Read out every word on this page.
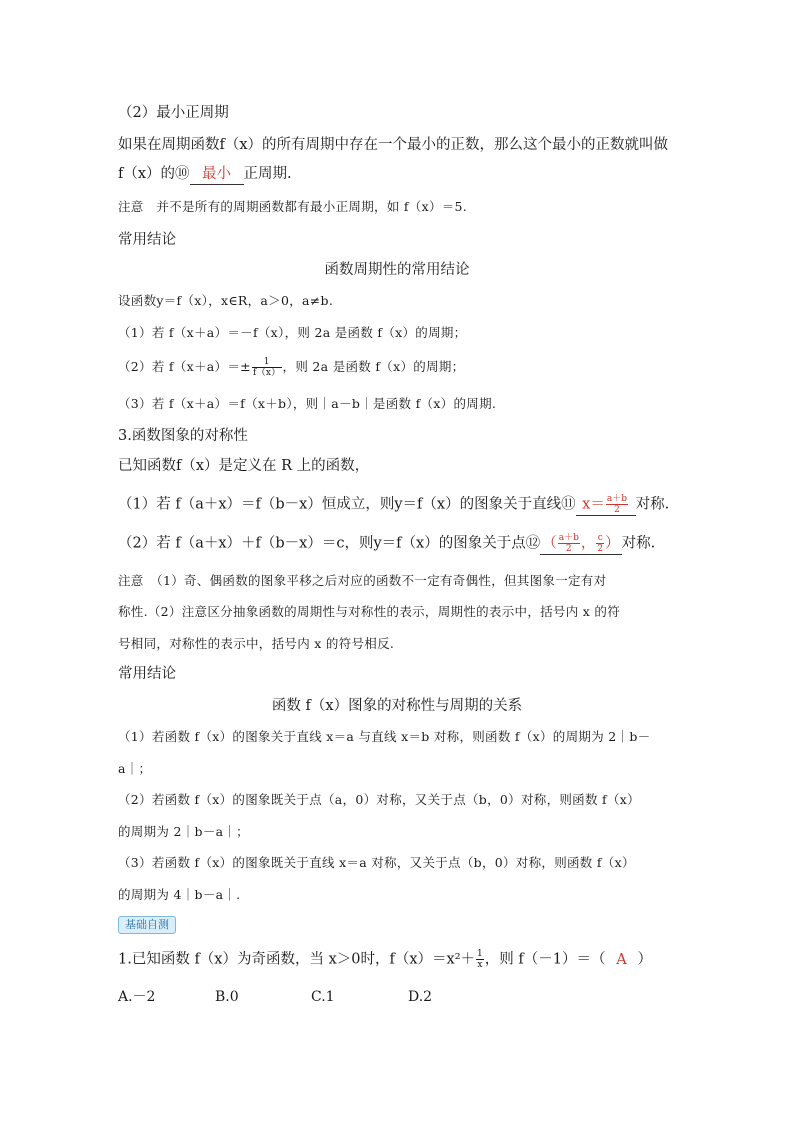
（2）最小正周期
如果在周期函数f（x）的所有周期中存在一个最小的正数，那么这个最小的正数就叫做
f（x）的⑩ 最小 正周期.
注意　并不是所有的周期函数都有最小正周期，如 f（x）＝5.
常用结论
函数周期性的常用结论
设函数y＝f（x），x∈R，a＞0，a≠b.
（1）若 f（x＋a）＝－f（x），则 2a 是函数 f（x）的周期；
（2）若 $f(x+a)=\pm \frac{1}{f(x)}$ ，则 2a 是函数 f（x）的周期；
（3）若 f（x＋a）＝f（x＋b），则｜a－b｜是函数 f（x）的周期.
3.函数图象的对称性
已知函数f（x）是定义在 R 上的函数，
（1）若 f（a＋x）＝f（b－x）恒成立，则y＝f（x）的图象关于直线⑪ $x= \frac{a+b}{2}$ 对称.
（2）若 f（a＋x）＋f（b－x）＝c，则y＝f（x）的图象关于点⑫ （ $\frac{a+b}{2}$ ， $\frac{c}{2}$ ） 对称.
注意　（1）奇、偶函数的图象平移之后对应的函数不一定有奇偶性，但其图象一定有对
称性.（2）注意区分抽象函数的周期性与对称性的表示，周期性的表示中，括号内 x 的符
号相同，对称性的表示中，括号内 x 的符号相反.
常用结论
函数 f（x）图象的对称性与周期的关系
（1）若函数 f（x）的图象关于直线 x＝a 与直线 x＝b 对称，则函数 f（x）的周期为 2｜b－
a｜；
（2）若函数 f（x）的图象既关于点（a，0）对称，又关于点（b，0）对称，则函数 f（x）
的周期为 2｜b－a｜；
（3）若函数 f（x）的图象既关于直线 x＝a 对称，又关于点（b，0）对称，则函数 f（x）
的周期为 4｜b－a｜.
基础自测
1.已知函数 f（x）为奇函数，当 x＞0时，$f(x)=x^2+ \frac{1}{x}$ ，则 f（－1）＝（ A ）
A.－2	B.0	C.1	D.2
